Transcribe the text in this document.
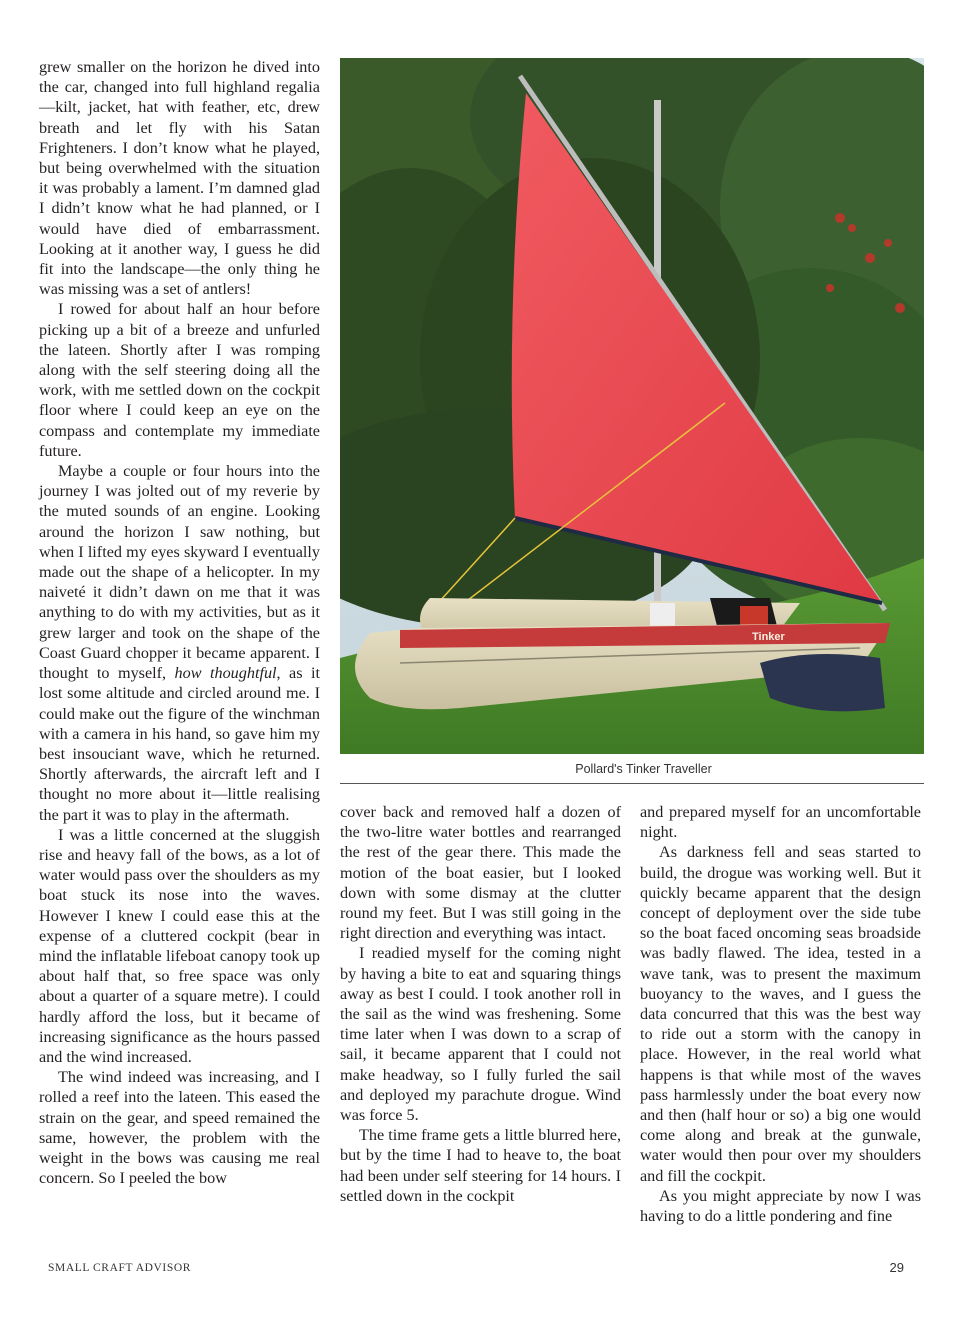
grew smaller on the horizon he dived into the car, changed into full highland regalia—kilt, jacket, hat with feather, etc, drew breath and let fly with his Satan Frighteners. I don’t know what he played, but being overwhelmed with the situation it was probably a lament. I’m damned glad I didn’t know what he had planned, or I would have died of embarrassment. Looking at it another way, I guess he did fit into the landscape—the only thing he was missing was a set of antlers!

I rowed for about half an hour before picking up a bit of a breeze and unfurled the lateen. Shortly after I was romping along with the self steering doing all the work, with me settled down on the cockpit floor where I could keep an eye on the compass and contemplate my immediate future.

Maybe a couple or four hours into the journey I was jolted out of my reverie by the muted sounds of an engine. Looking around the horizon I saw nothing, but when I lifted my eyes skyward I eventually made out the shape of a helicopter. In my naiveté it didn’t dawn on me that it was anything to do with my activities, but as it grew larger and took on the shape of the Coast Guard chopper it became apparent. I thought to myself, how thoughtful, as it lost some altitude and circled around me. I could make out the figure of the winchman with a camera in his hand, so gave him my best insouciant wave, which he returned. Shortly afterwards, the aircraft left and I thought no more about it—little realising the part it was to play in the aftermath.

I was a little concerned at the sluggish rise and heavy fall of the bows, as a lot of water would pass over the shoulders as my boat stuck its nose into the waves. However I knew I could ease this at the expense of a cluttered cockpit (bear in mind the inflatable lifeboat canopy took up about half that, so free space was only about a quarter of a square metre). I could hardly afford the loss, but it became of increasing significance as the hours passed and the wind increased.

The wind indeed was increasing, and I rolled a reef into the lateen. This eased the strain on the gear, and speed remained the same, however, the problem with the weight in the bows was causing me real concern. So I peeled the bow

Tinker
Pollard's Tinker Traveller

cover back and removed half a dozen of the two-litre water bottles and rearranged the rest of the gear there. This made the motion of the boat easier, but I looked down with some dismay at the clutter round my feet. But I was still going in the right direction and everything was intact.

I readied myself for the coming night by having a bite to eat and squaring things away as best I could. I took another roll in the sail as the wind was freshening. Some time later when I was down to a scrap of sail, it became apparent that I could not make headway, so I fully furled the sail and deployed my parachute drogue. Wind was force 5.

The time frame gets a little blurred here, but by the time I had to heave to, the boat had been under self steering for 14 hours. I settled down in the cockpit

and prepared myself for an uncomfortable night.

As darkness fell and seas started to build, the drogue was working well. But it quickly became apparent that the design concept of deployment over the side tube so the boat faced oncoming seas broadside was badly flawed. The idea, tested in a wave tank, was to present the maximum buoyancy to the waves, and I guess the data concurred that this was the best way to ride out a storm with the canopy in place. However, in the real world what happens is that while most of the waves pass harmlessly under the boat every now and then (half hour or so) a big one would come along and break at the gunwale, water would then pour over my shoulders and fill the cockpit.

As you might appreciate by now I was having to do a little pondering and fine

SMALL CRAFT ADVISOR	29
